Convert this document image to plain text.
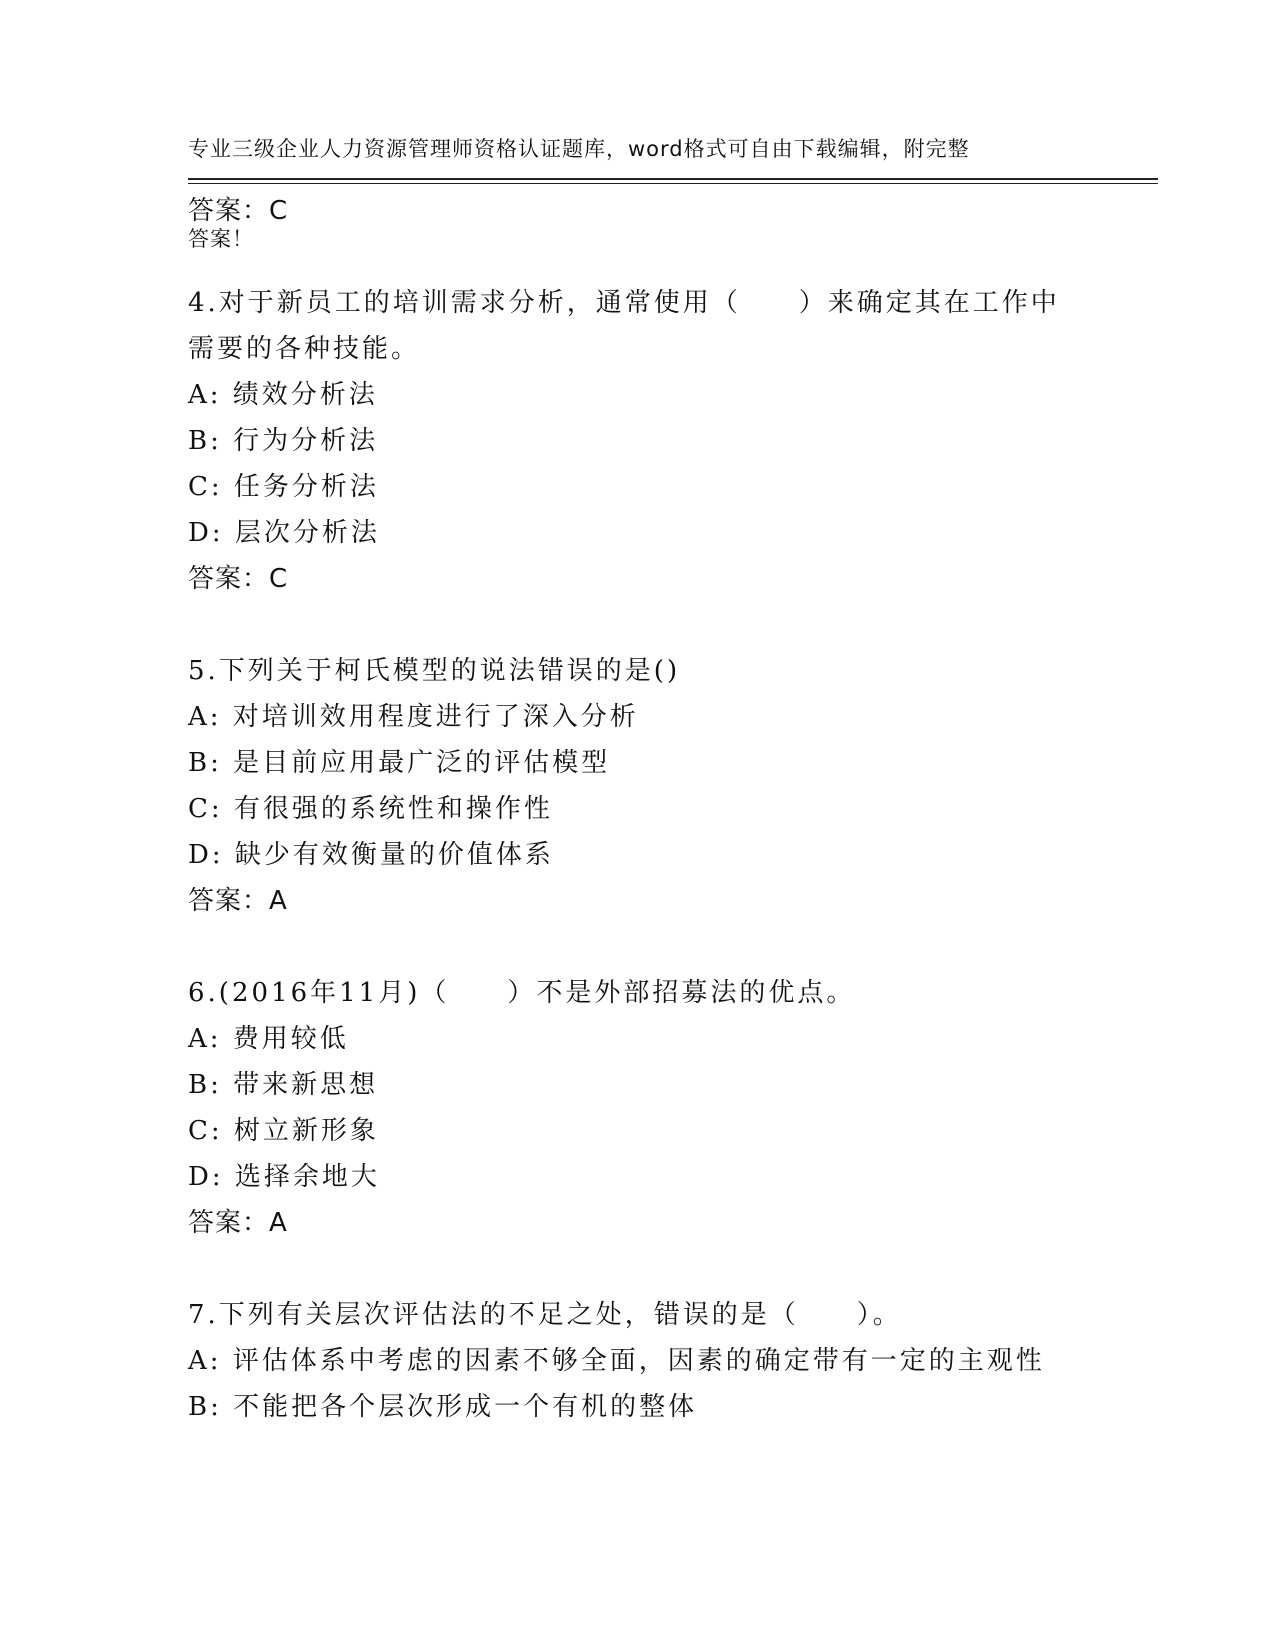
专业三级企业人力资源管理师资格认证题库，word格式可自由下载编辑，附完整

答案！

答案：C
4.对于新员工的培训需求分析，通常使用（　　）来确定其在工作中
需要的各种技能。
A: 绩效分析法
B: 行为分析法
C: 任务分析法
D: 层次分析法
答案：C
5.下列关于柯氏模型的说法错误的是()
A: 对培训效用程度进行了深入分析
B: 是目前应用最广泛的评估模型
C: 有很强的系统性和操作性
D: 缺少有效衡量的价值体系
答案：A
6.(2016年11月)（　　）不是外部招募法的优点。
A: 费用较低
B: 带来新思想
C: 树立新形象
D: 选择余地大
答案：A
7.下列有关层次评估法的不足之处，错误的是（　　）。
A: 评估体系中考虑的因素不够全面，因素的确定带有一定的主观性
B: 不能把各个层次形成一个有机的整体
